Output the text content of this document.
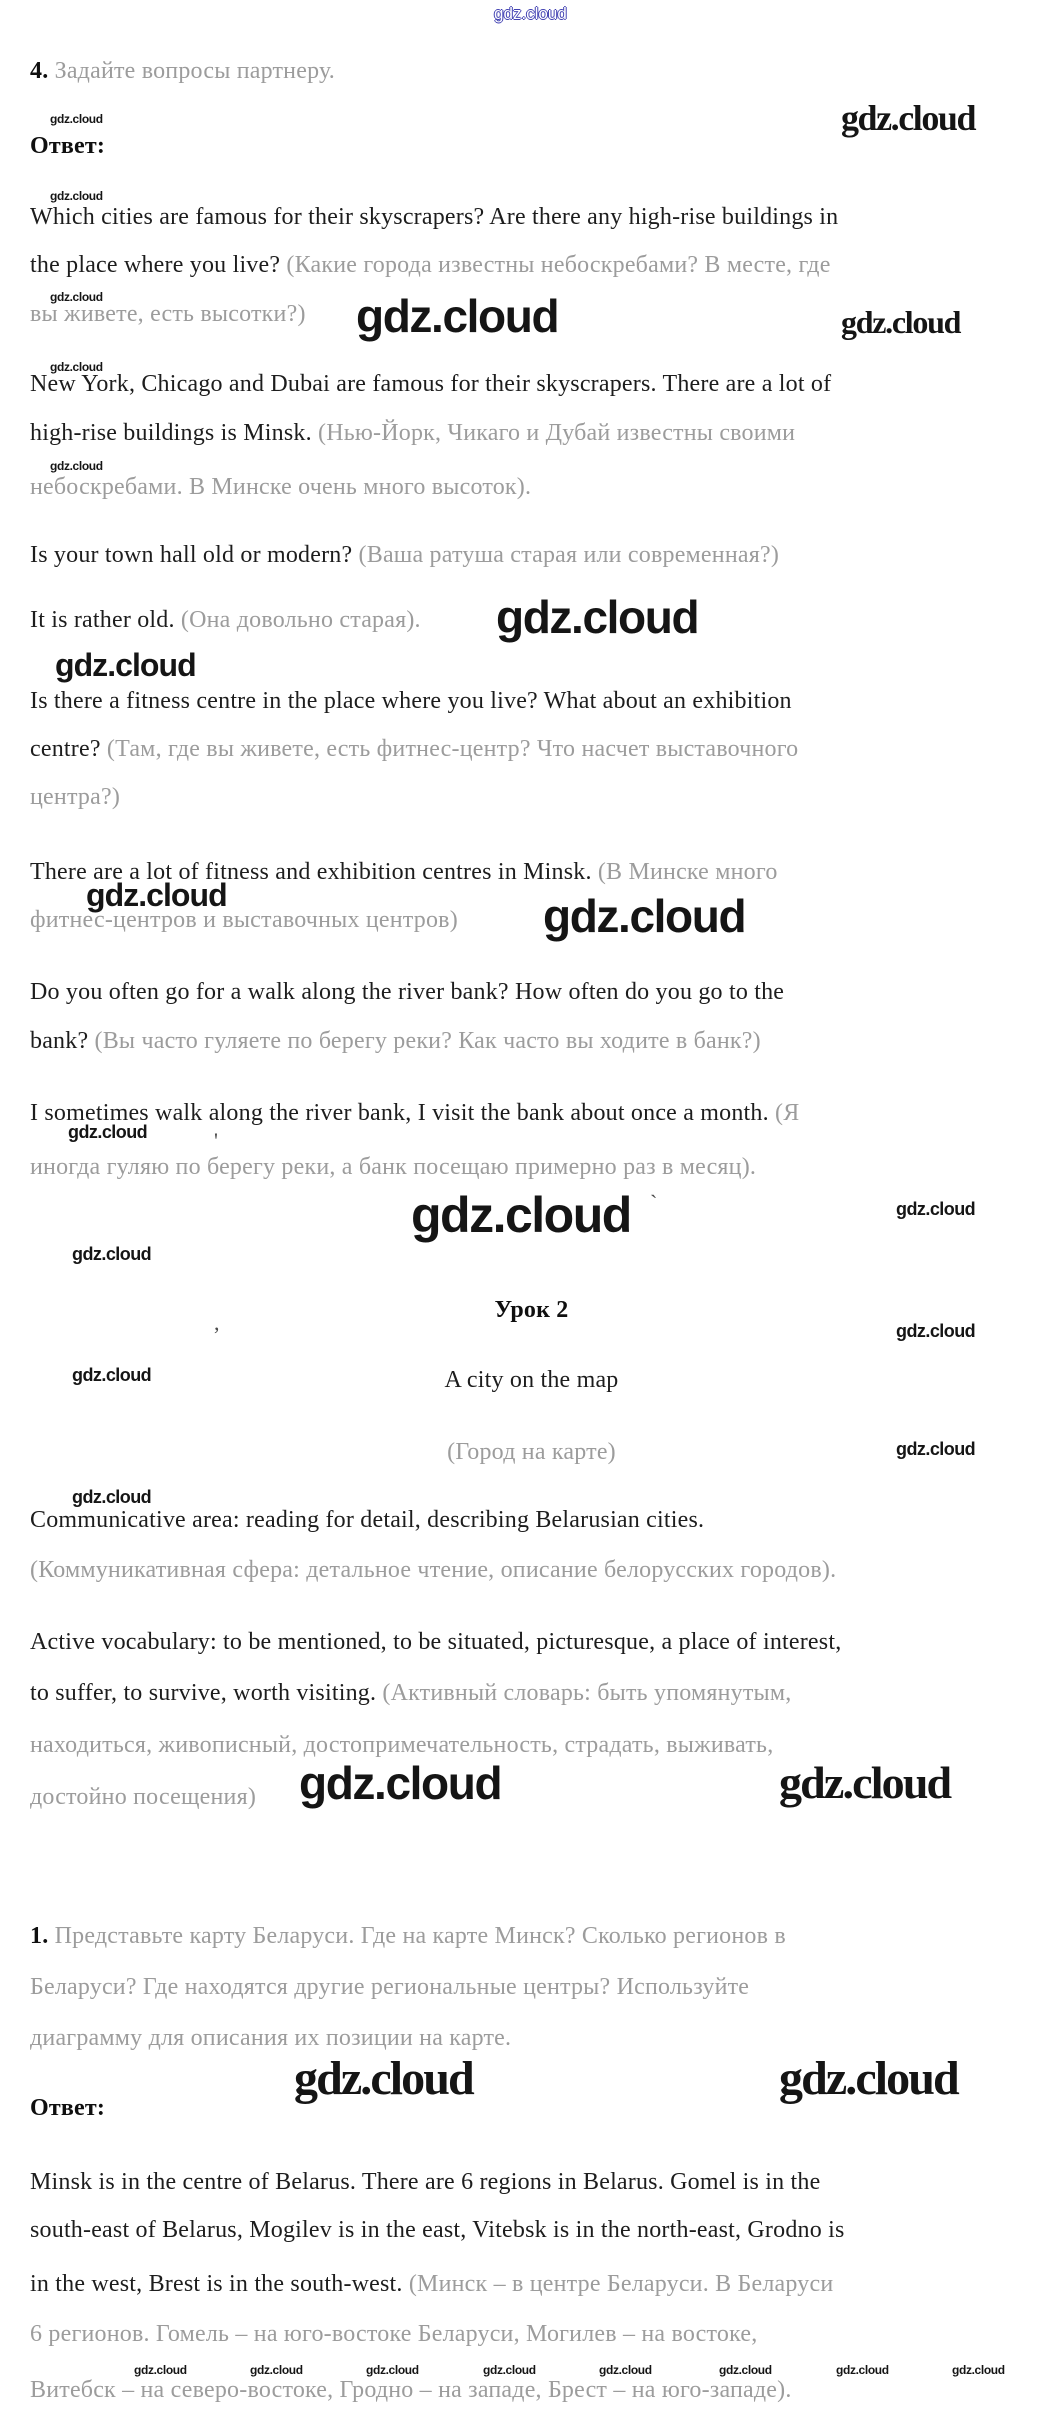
4. Задайте вопросы партнеру.
Ответ:
Which cities are famous for their skyscrapers? Are there any high-rise buildings in
the place where you live? (Какие города известны небоскребами? В месте, где
вы живете, есть высотки?)
New York, Chicago and Dubai are famous for their skyscrapers. There are a lot of
high-rise buildings is Minsk. (Нью-Йорк, Чикаго и Дубай известны своими
небоскребами. В Минске очень много высоток).
Is your town hall old or modern? (Ваша ратуша старая или современная?)
It is rather old. (Она довольно старая).
Is there a fitness centre in the place where you live? What about an exhibition
centre? (Там, где вы живете, есть фитнес-центр? Что насчет выставочного
центра?)
There are a lot of fitness and exhibition centres in Minsk. (В Минске много
фитнес-центров и выставочных центров)
Do you often go for a walk along the river bank? How often do you go to the
bank? (Вы часто гуляете по берегу реки? Как часто вы ходите в банк?)
I sometimes walk along the river bank, I visit the bank about once a month. (Я
иногда гуляю по берегу реки, а банк посещаю примерно раз в месяц).
Урок 2
A city on the map
(Город на карте)
Communicative area: reading for detail, describing Belarusian cities.
(Коммуникативная сфера: детальное чтение, описание белорусских городов).
Active vocabulary: to be mentioned, to be situated, picturesque, a place of interest,
to suffer, to survive, worth visiting. (Активный словарь: быть упомянутым,
находиться, живописный, достопримечательность, страдать, выживать,
достойно посещения)
1. Представьте карту Беларуси. Где на карте Минск? Сколько регионов в
Беларуси? Где находятся другие региональные центры? Используйте
диаграмму для описания их позиции на карте.
Ответ:
Minsk is in the centre of Belarus. There are 6 regions in Belarus. Gomel is in the
south-east of Belarus, Mogilev is in the east, Vitebsk is in the north-east, Grodno is
in the west, Brest is in the south-west. (Минск – в центре Беларуси. В Беларуси
6 регионов. Гомель – на юго-востоке Беларуси, Могилев – на востоке,
Витебск – на северо-востоке, Гродно – на западе, Брест – на юго-западе).
gdz.cloud
gdz.cloud	gdz.cloud
gdz.cloud
gdz.cloud	gdz.cloud	gdz.cloud
gdz.cloud
gdz.cloud
gdz.cloud
gdz.cloud
gdz.cloud	gdz.cloud
gdz.cloud
gdz.cloud	gdz.cloud
gdz.cloud
gdz.cloud
gdz.cloud
gdz.cloud
gdz.cloud
gdz.cloud	gdz.cloud
gdz.cloud	gdz.cloud
gdz.cloud	gdz.cloud	gdz.cloud	gdz.cloud	gdz.cloud	gdz.cloud	gdz.cloud	gdz.cloud
'
,
`
